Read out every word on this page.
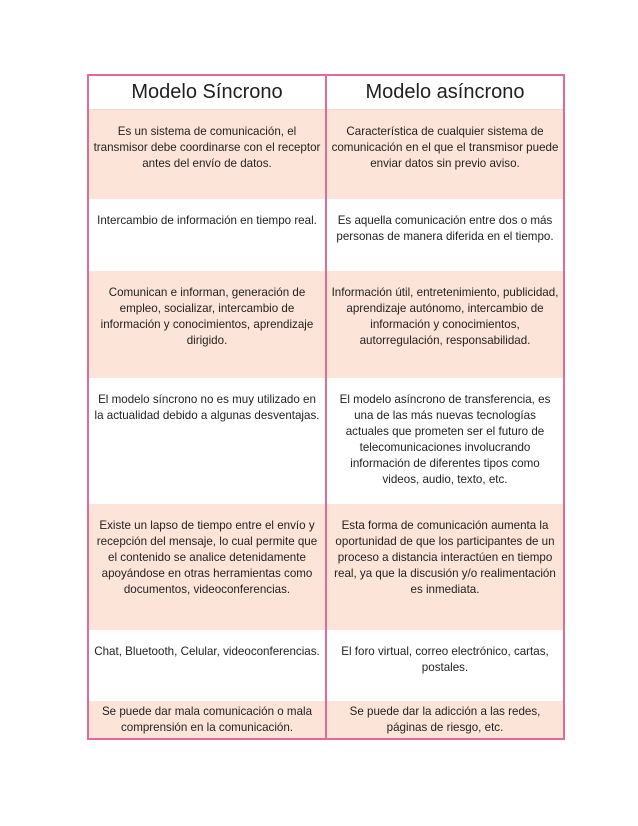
Modelo Síncrono	Modelo asíncrono
Es un sistema de comunicación, el transmisor debe coordinarse con el receptor antes del envío de datos.	Característica de cualquier sistema de comunicación en el que el transmisor puede enviar datos sin previo aviso.
Intercambio de información en tiempo real.	Es aquella comunicación entre dos o más personas de manera diferida en el tiempo.
Comunican e informan, generación de empleo, socializar, intercambio de información y conocimientos, aprendizaje dirigido.	Información útil, entretenimiento, publicidad, aprendizaje autónomo, intercambio de información y conocimientos, autorregulación, responsabilidad.
El modelo síncrono no es muy utilizado en la actualidad debido a algunas desventajas.	El modelo asíncrono de transferencia, es una de las más nuevas tecnologías actuales que prometen ser el futuro de telecomunicaciones involucrando información de diferentes tipos como videos, audio, texto, etc.
Existe un lapso de tiempo entre el envío y recepción del mensaje, lo cual permite que el contenido se analice detenidamente apoyándose en otras herramientas como documentos, videoconferencias.	Esta forma de comunicación aumenta la oportunidad de que los participantes de un proceso a distancia interactúen en tiempo real, ya que la discusión y/o realimentación es inmediata.
Chat, Bluetooth, Celular, videoconferencias.	El foro virtual, correo electrónico, cartas, postales.
Se puede dar mala comunicación o mala comprensión en la comunicación.	Se puede dar la adicción a las redes, páginas de riesgo, etc.
